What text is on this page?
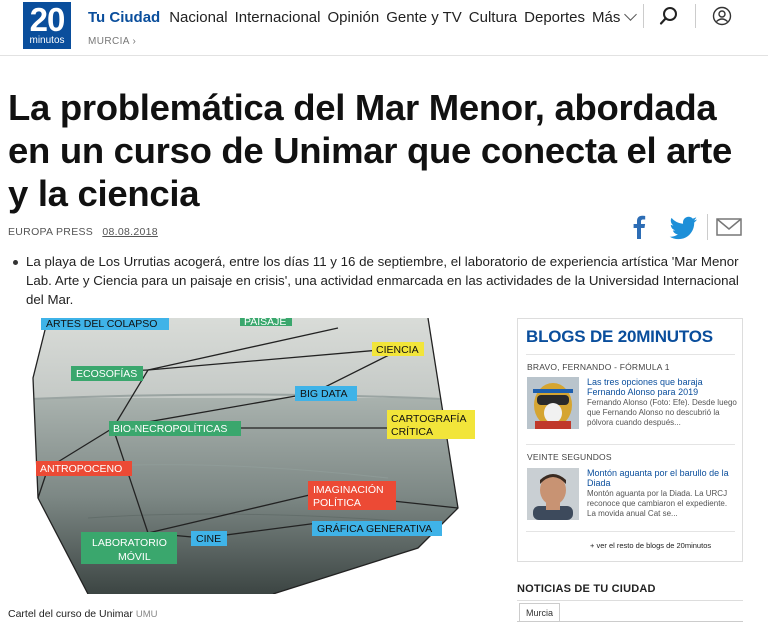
20
minutos
Tu Ciudad Nacional Internacional Opinión Gente y TV Cultura Deportes Más
MURCIA ›
La problemática del Mar Menor, abordada en un curso de Unimar que conecta el arte y la ciencia
EUROPA PRESS 08.08.2018
La playa de Los Urrutias acogerá, entre los días 11 y 16 de septiembre, el laboratorio de experiencia artística 'Mar Menor Lab. Arte y Ciencia para un paisaje en crisis', una actividad enmarcada en las actividades de la Universidad Internacional del Mar.
ARTES DEL COLAPSO	PAISAJE
CIENCIA
ECOSOFÍAS
BIG DATA
CARTOGRAFÍA
CRÍTICA
BIO-NECROPOLÍTICAS
ANTROPOCENO
IMAGINACIÓN
POLÍTICA
GRÁFICA GENERATIVA
LABORATORIO
MÓVIL
CINE
Cartel del curso de Unimar UMU
BLOGS DE 20MINUTOS
BRAVO, FERNANDO - FÓRMULA 1
Las tres opciones que baraja Fernando Alonso para 2019
Fernando Alonso (Foto: Efe). Desde luego que Fernando Alonso no descubrió la pólvora cuando después...
VEINTE SEGUNDOS
Montón aguanta por el barullo de la Diada
Montón aguanta por la Diada. La URCJ reconoce que cambiaron el expediente. La movida anual Cat se...
+ ver el resto de blogs de 20minutos
NOTICIAS DE TU CIUDAD
Murcia
